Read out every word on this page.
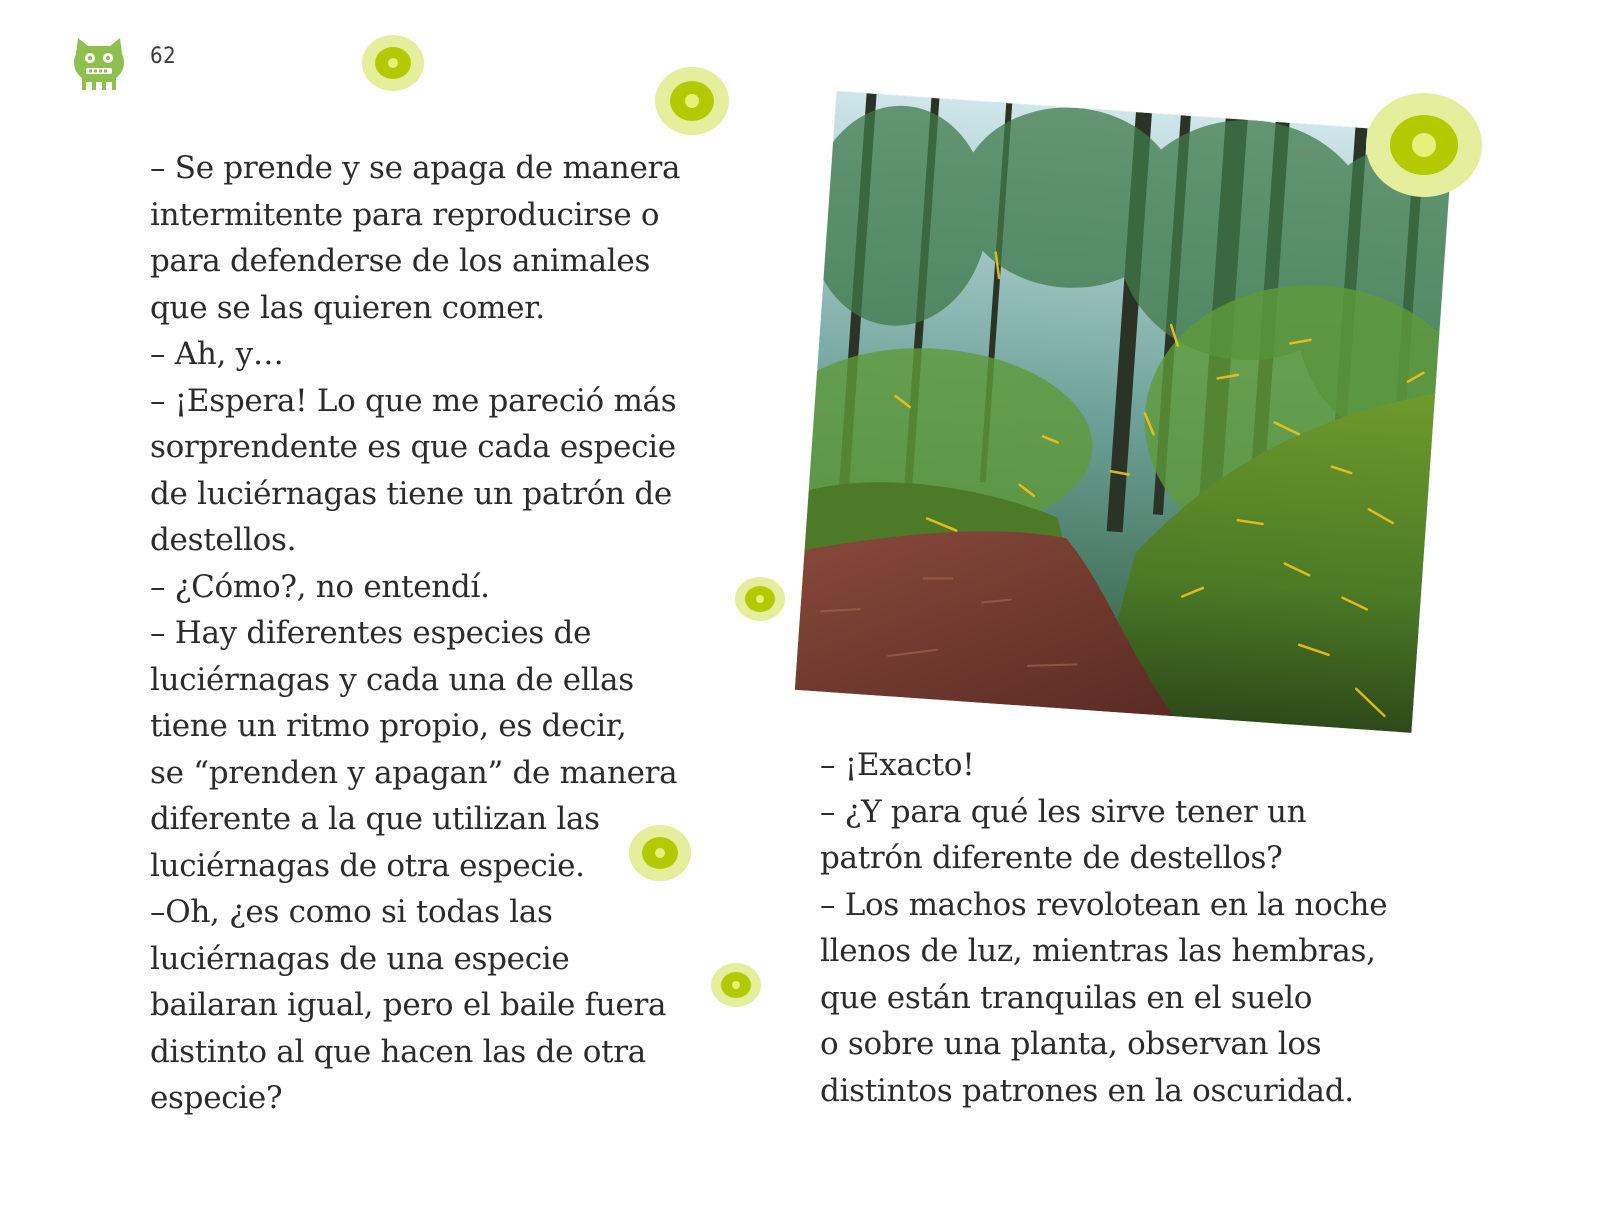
62
– Se prende y se apaga de manera
intermitente para reproducirse o
para defenderse de los animales
que se las quieren comer.
– Ah, y…
– ¡Espera! Lo que me pareció más
sorprendente es que cada especie
de luciérnagas tiene un patrón de
destellos.
– ¿Cómo?, no entendí.
– Hay diferentes especies de
luciérnagas y cada una de ellas
tiene un ritmo propio, es decir,
se “prenden y apagan” de manera
diferente a la que utilizan las
luciérnagas de otra especie.
–Oh, ¿es como si todas las
luciérnagas de una especie
bailaran igual, pero el baile fuera
distinto al que hacen las de otra
especie?
– ¡Exacto!
– ¿Y para qué les sirve tener un
patrón diferente de destellos?
– Los machos revolotean en la noche
llenos de luz, mientras las hembras,
que están tranquilas en el suelo
o sobre una planta, observan los
distintos patrones en la oscuridad.
